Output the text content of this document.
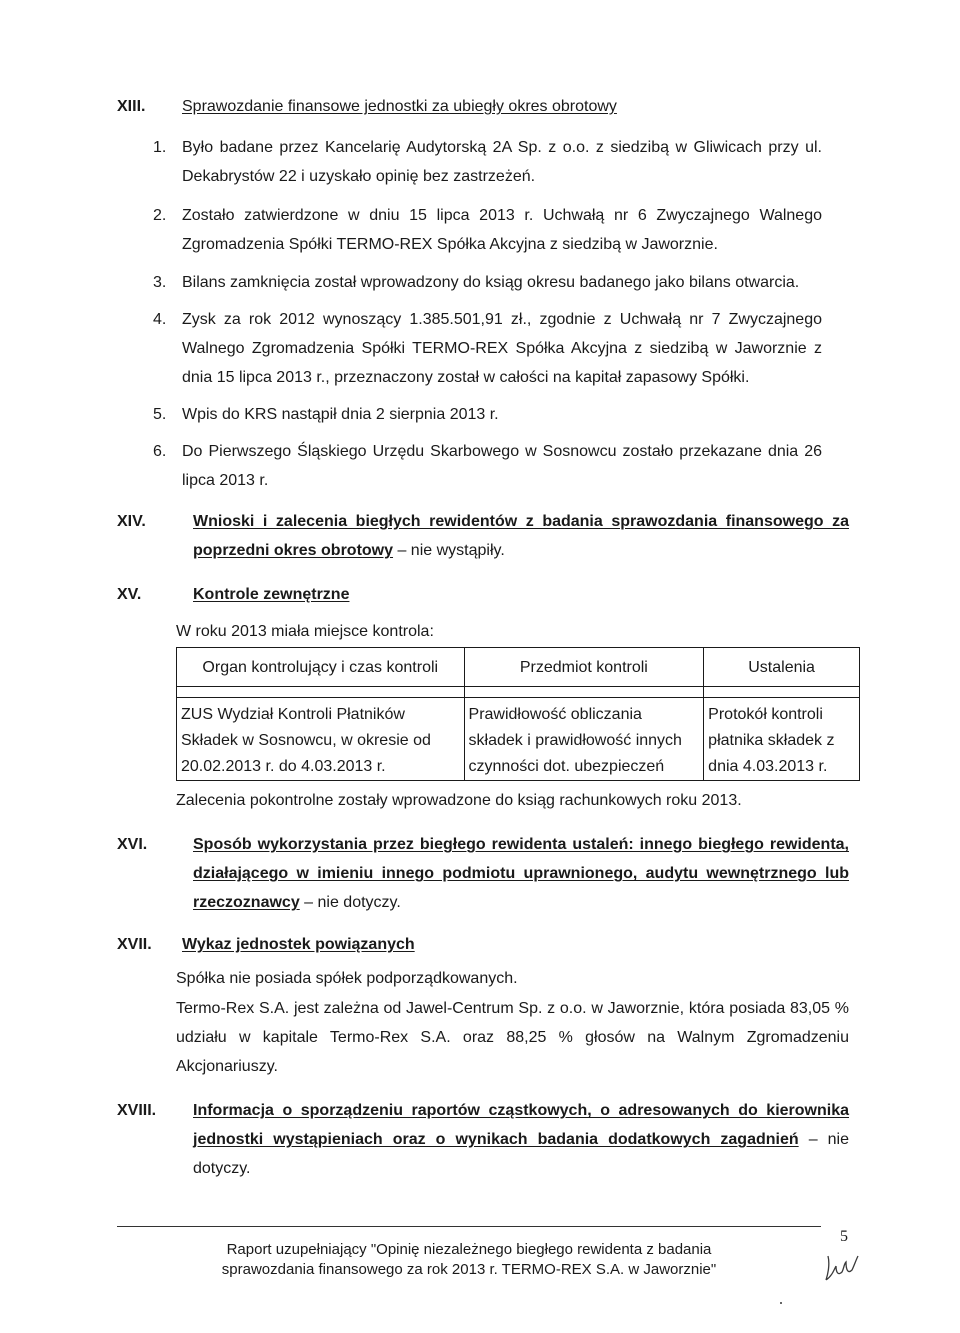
XIII. Sprawozdanie finansowe jednostki za ubiegły okres obrotowy
1. Było badane przez Kancelarię Audytorską 2A Sp. z o.o. z siedzibą w Gliwicach przy ul. Dekabrystów 22 i uzyskało opinię bez zastrzeżeń.
2. Zostało zatwierdzone w dniu 15 lipca 2013 r. Uchwałą nr 6 Zwyczajnego Walnego Zgromadzenia Spółki TERMO-REX Spółka Akcyjna z siedzibą w Jaworznie.
3. Bilans zamknięcia został wprowadzony do ksiąg okresu badanego jako bilans otwarcia.
4. Zysk za rok 2012 wynoszący 1.385.501,91 zł., zgodnie z Uchwałą nr 7 Zwyczajnego Walnego Zgromadzenia Spółki TERMO-REX Spółka Akcyjna z siedzibą w Jaworznie z dnia 15 lipca 2013 r., przeznaczony został w całości na kapitał zapasowy Spółki.
5. Wpis do KRS nastąpił dnia 2 sierpnia 2013 r.
6. Do Pierwszego Śląskiego Urzędu Skarbowego w Sosnowcu zostało przekazane dnia 26 lipca 2013 r.
XIV.	Wnioski i zalecenia biegłych rewidentów z badania sprawozdania finansowego za poprzedni okres obrotowy – nie wystąpiły.
XV.	Kontrole zewnętrzne
W roku 2013 miała miejsce kontrola:
Organ kontrolujący i czas kontroli	Przedmiot kontroli	Ustalenia

ZUS Wydział Kontroli Płatników Składek w Sosnowcu, w okresie od 20.02.2013 r. do 4.03.2013 r.	Prawidłowość obliczania składek i prawidłowość innych czynności dot. ubezpieczeń	Protokół kontroli płatnika składek z dnia 4.03.2013 r.
Zalecenia pokontrolne zostały wprowadzone do ksiąg rachunkowych roku 2013.
XVI.	Sposób wykorzystania przez biegłego rewidenta ustaleń: innego biegłego rewidenta, działającego w imieniu innego podmiotu uprawnionego, audytu wewnętrznego lub rzeczoznawcy – nie dotyczy.
XVII. Wykaz jednostek powiązanych
Spółka nie posiada spółek podporządkowanych.
Termo-Rex S.A. jest zależna od Jawel-Centrum Sp. z o.o. w Jaworznie, która posiada 83,05 % udziału w kapitale Termo-Rex S.A. oraz 88,25 % głosów na Walnym Zgromadzeniu Akcjonariuszy.
XVIII. Informacja o sporządzeniu raportów cząstkowych, o adresowanych do kierownika jednostki wystąpieniach oraz o wynikach badania dodatkowych zagadnień – nie dotyczy.
5
Raport uzupełniający "Opinię niezależnego biegłego rewidenta z badania
sprawozdania finansowego za rok 2013 r. TERMO-REX S.A. w Jaworznie"
